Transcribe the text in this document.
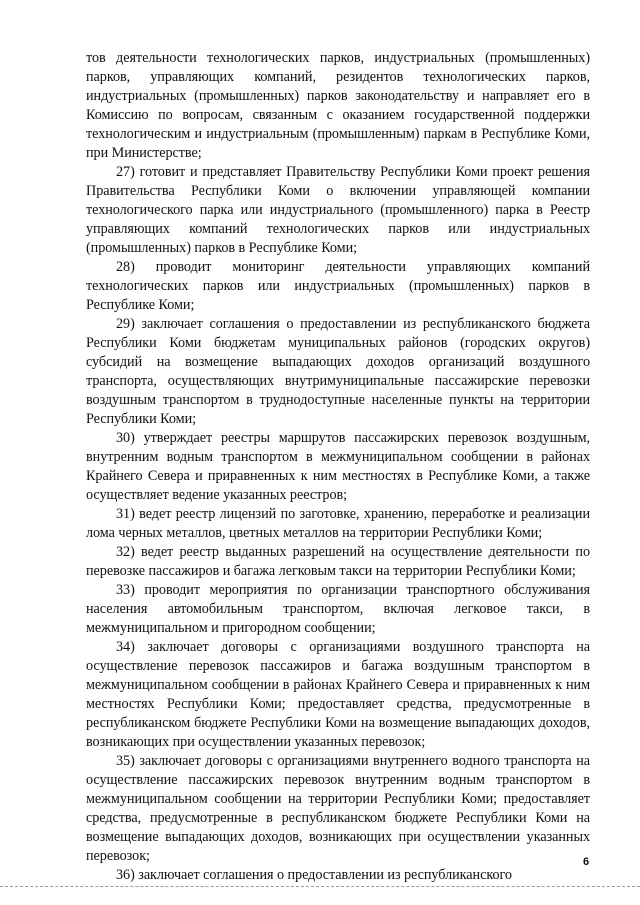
тов деятельности технологических парков, индустриальных (промышленных) парков, управляющих компаний, резидентов технологических парков, индустриальных (промышленных) парков законодательству и направляет его в Комиссию по вопросам, связанным с оказанием государственной поддержки технологическим и индустриальным (промышленным) паркам в Республике Коми, при Министерстве;

27) готовит и представляет Правительству Республики Коми проект решения Правительства Республики Коми о включении управляющей компании технологического парка или индустриального (промышленного) парка в Реестр управляющих компаний технологических парков или индустриальных (промышленных) парков в Республике Коми;

28) проводит мониторинг деятельности управляющих компаний технологических парков или индустриальных (промышленных) парков в Республике Коми;

29) заключает соглашения о предоставлении из республиканского бюджета Республики Коми бюджетам муниципальных районов (городских округов) субсидий на возмещение выпадающих доходов организаций воздушного транспорта, осуществляющих внутримуниципальные пассажирские перевозки воздушным транспортом в труднодоступные населенные пункты на территории Республики Коми;

30) утверждает реестры маршрутов пассажирских перевозок воздушным, внутренним водным транспортом в межмуниципальном сообщении в районах Крайнего Севера и приравненных к ним местностях в Республике Коми, а также осуществляет ведение указанных реестров;

31) ведет реестр лицензий по заготовке, хранению, переработке и реализации лома черных металлов, цветных металлов на территории Республики Коми;

32) ведет реестр выданных разрешений на осуществление деятельности по перевозке пассажиров и багажа легковым такси на территории Республики Коми;

33) проводит мероприятия по организации транспортного обслуживания населения автомобильным транспортом, включая легковое такси, в межмуниципальном и пригородном сообщении;

34) заключает договоры с организациями воздушного транспорта на осуществление перевозок пассажиров и багажа воздушным транспортом в межмуниципальном сообщении в районах Крайнего Севера и приравненных к ним местностях Республики Коми; предоставляет средства, предусмотренные в республиканском бюджете Республики Коми на возмещение выпадающих доходов, возникающих при осуществлении указанных перевозок;

35) заключает договоры с организациями внутреннего водного транспорта на осуществление пассажирских перевозок внутренним водным транспортом в межмуниципальном сообщении на территории Республики Коми; предоставляет средства, предусмотренные в республиканском бюджете Республики Коми на возмещение выпадающих доходов, возникающих при осуществлении указанных перевозок;

36) заключает соглашения о предоставлении из республиканского

6
